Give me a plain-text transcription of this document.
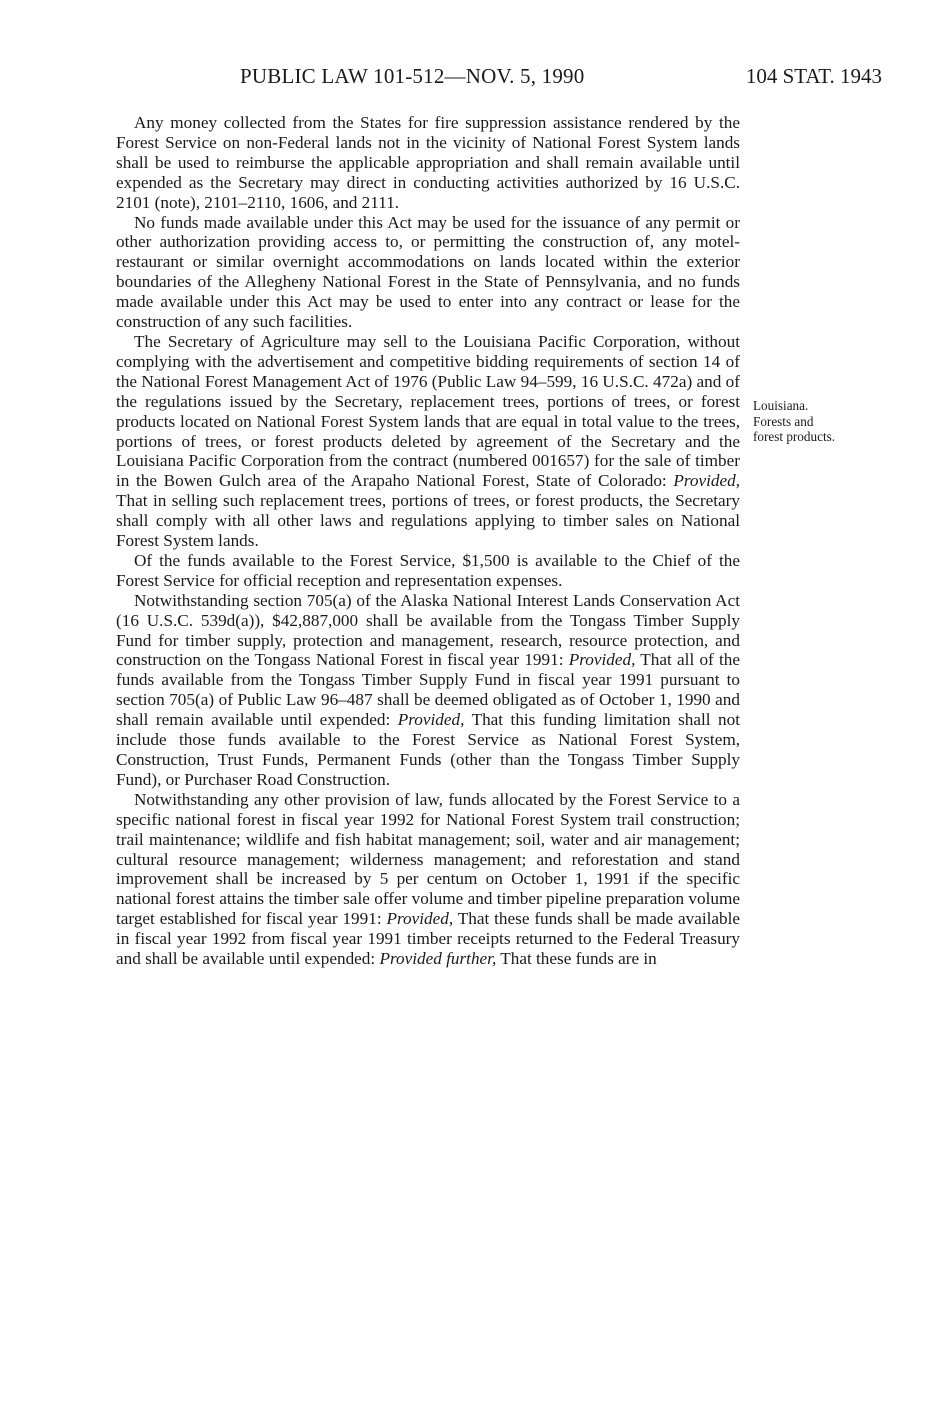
PUBLIC LAW 101-512—NOV. 5, 1990	104 STAT. 1943
Louisiana.
Forests and
forest products.

Any money collected from the States for fire suppression assistance rendered by the Forest Service on non-Federal lands not in the vicinity of National Forest System lands shall be used to reimburse the applicable appropriation and shall remain available until expended as the Secretary may direct in conducting activities authorized by 16 U.S.C. 2101 (note), 2101–2110, 1606, and 2111.

No funds made available under this Act may be used for the issuance of any permit or other authorization providing access to, or permitting the construction of, any motel-restaurant or similar overnight accommodations on lands located within the exterior boundaries of the Allegheny National Forest in the State of Pennsylvania, and no funds made available under this Act may be used to enter into any contract or lease for the construction of any such facilities.

The Secretary of Agriculture may sell to the Louisiana Pacific Corporation, without complying with the advertisement and competitive bidding requirements of section 14 of the National Forest Management Act of 1976 (Public Law 94–599, 16 U.S.C. 472a) and of the regulations issued by the Secretary, replacement trees, portions of trees, or forest products located on National Forest System lands that are equal in total value to the trees, portions of trees, or forest products deleted by agreement of the Secretary and the Louisiana Pacific Corporation from the contract (numbered 001657) for the sale of timber in the Bowen Gulch area of the Arapaho National Forest, State of Colorado: Provided, That in selling such replacement trees, portions of trees, or forest products, the Secretary shall comply with all other laws and regulations applying to timber sales on National Forest System lands.

Of the funds available to the Forest Service, $1,500 is available to the Chief of the Forest Service for official reception and representation expenses.

Notwithstanding section 705(a) of the Alaska National Interest Lands Conservation Act (16 U.S.C. 539d(a)), $42,887,000 shall be available from the Tongass Timber Supply Fund for timber supply, protection and management, research, resource protection, and construction on the Tongass National Forest in fiscal year 1991: Provided, That all of the funds available from the Tongass Timber Supply Fund in fiscal year 1991 pursuant to section 705(a) of Public Law 96–487 shall be deemed obligated as of October 1, 1990 and shall remain available until expended: Provided, That this funding limitation shall not include those funds available to the Forest Service as National Forest System, Construction, Trust Funds, Permanent Funds (other than the Tongass Timber Supply Fund), or Purchaser Road Construction.

Notwithstanding any other provision of law, funds allocated by the Forest Service to a specific national forest in fiscal year 1992 for National Forest System trail construction; trail maintenance; wildlife and fish habitat management; soil, water and air management; cultural resource management; wilderness management; and reforestation and stand improvement shall be increased by 5 per centum on October 1, 1991 if the specific national forest attains the timber sale offer volume and timber pipeline preparation volume target established for fiscal year 1991: Provided, That these funds shall be made available in fiscal year 1992 from fiscal year 1991 timber receipts returned to the Federal Treasury and shall be available until expended: Provided further, That these funds are in
